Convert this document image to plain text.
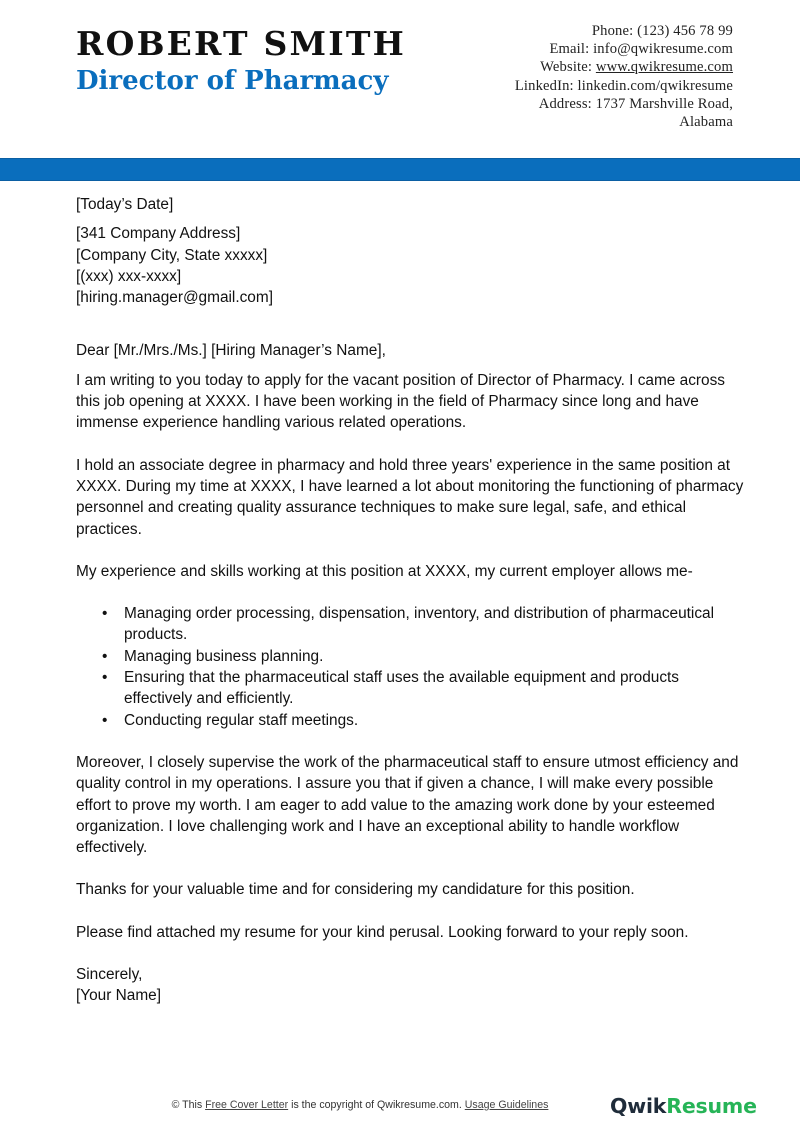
ROBERT SMITH
Director of Pharmacy
Phone: (123) 456 78 99
Email: info@qwikresume.com
Website: www.qwikresume.com
LinkedIn: linkedin.com/qwikresume
Address: 1737 Marshville Road,
Alabama

[Today’s Date]

[341 Company Address]

[Company City, State xxxxx]

[(xxx) xxx-xxxx]

[hiring.manager@gmail.com]

Dear [Mr./Mrs./Ms.] [Hiring Manager’s Name],

I am writing to you today to apply for the vacant position of Director of Pharmacy. I came across this job opening at XXXX. I have been working in the field of Pharmacy since long and have immense experience handling various related operations.

I hold an associate degree in pharmacy and hold three years' experience in the same position at XXXX. During my time at XXXX, I have learned a lot about monitoring the functioning of pharmacy personnel and creating quality assurance techniques to make sure legal, safe, and ethical practices.

My experience and skills working at this position at XXXX, my current employer allows me-

• Managing order processing, dispensation, inventory, and distribution of pharmaceutical products.
• Managing business planning.
• Ensuring that the pharmaceutical staff uses the available equipment and products effectively and efficiently.
• Conducting regular staff meetings.

Moreover, I closely supervise the work of the pharmaceutical staff to ensure utmost efficiency and quality control in my operations. I assure you that if given a chance, I will make every possible effort to prove my worth. I am eager to add value to the amazing work done by your esteemed organization. I love challenging work and I have an exceptional ability to handle workflow effectively.

Thanks for your valuable time and for considering my candidature for this position.

Please find attached my resume for your kind perusal. Looking forward to your reply soon.

Sincerely,

[Your Name]

© This Free Cover Letter is the copyright of Qwikresume.com. Usage Guidelines	QwikResume
